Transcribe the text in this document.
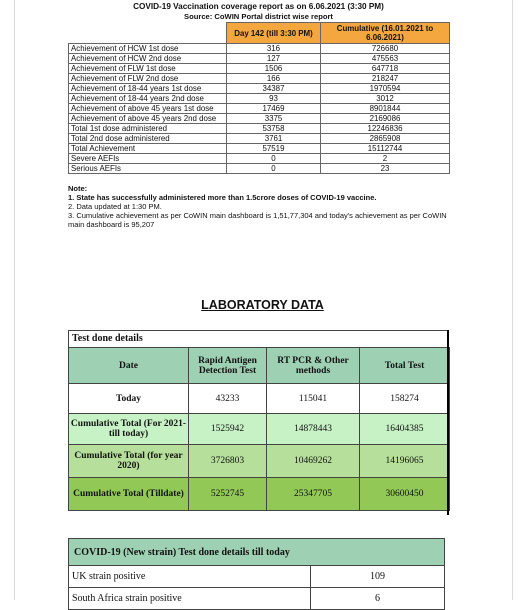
COVID-19 Vaccination coverage report as on 6.06.2021 (3:30 PM)
Source: CoWIN Portal district wise report
	Day 142 (till 3:30 PM)	Cumulative (16.01.2021 to 6.06.2021)
Achievement of HCW 1st dose	316	726680
Achievement of HCW 2nd dose	127	475563
Achievement of FLW 1st dose	1506	647718
Achievement of FLW 2nd dose	166	218247
Achievement of 18-44 years 1st dose	34387	1970594
Achievement of 18-44 years 2nd dose	93	3012
Achievement of above 45 years 1st dose	17469	8901844
Achievement of above 45 years 2nd dose	3375	2169086
Total 1st dose administered	53758	12246836
Total 2nd dose administered	3761	2865908
Total Achievement	57519	15112744
Severe AEFIs	0	2
Serious AEFIs	0	23
Note:
1. State has successfully administered more than 1.5crore doses of COVID-19 vaccine.
2. Data updated at 1:30 PM.
3. Cumulative achievement as per CoWIN main dashboard is 1,51,77,304 and today's achievement as per CoWIN main dashboard is 95,207
LABORATORY DATA
Test done details
Date	Rapid Antigen Detection Test	RT PCR & Other methods	Total Test
Today	43233	115041	158274
Cumulative Total (For 2021- till today)	1525942	14878443	16404385
Cumulative Total (for year 2020)	3726803	10469262	14196065
Cumulative Total (Tilldate)	5252745	25347705	30600450
COVID-19 (New strain) Test done details till today	
UK strain positive	109
South Africa strain positive	6
